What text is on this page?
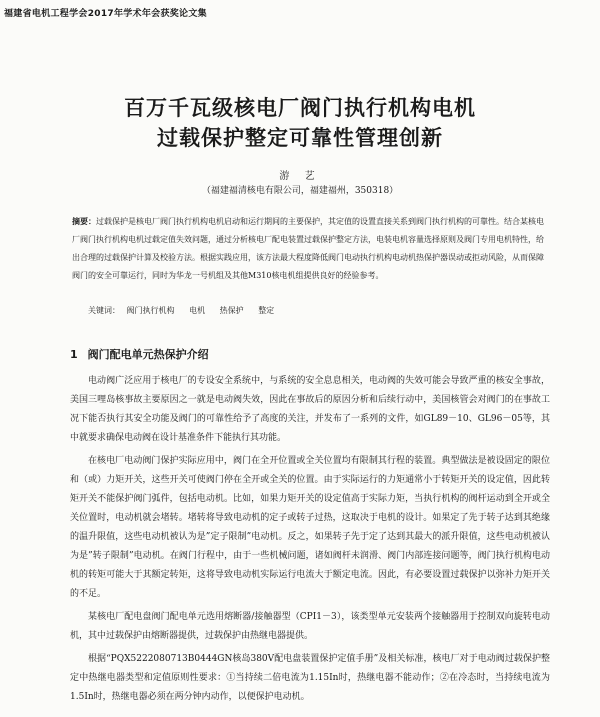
福建省电机工程学会2017年学术年会获奖论文集
百万千瓦级核电厂阀门执行机构电机
过载保护整定可靠性管理创新
游 艺
（福建福清核电有限公司，福建福州，350318）
摘要：过载保护是核电厂阀门执行机构电机启动和运行期间的主要保护，其定值的设置直接关系到阀门执行机构的可靠性。结合某核电厂阀门执行机构电机过载定值失效问题，通过分析核电厂配电装置过载保护整定方法，电装电机容量选择原则及阀门专用电机特性，给出合理的过载保护计算及校验方法。根据实践应用，该方法最大程度降低阀门电动执行机构电动机热保护器误动或拒动风险，从而保障阀门的安全可靠运行，同时为华龙一号机组及其他M310核电机组提供良好的经验参考。
关键词： 阀门执行机构 电机 热保护 整定
1 阀门配电单元热保护介绍

电动阀广泛应用于核电厂的专设安全系统中，与系统的安全息息相关，电动阀的失效可能会导致严重的核安全事故，美国三哩岛核事故主要原因之一就是电动阀失效，因此在事故后的原因分析和后续行动中，美国核管会对阀门的在事故工况下能否执行其安全功能及阀门的可靠性给予了高度的关注，并发布了一系列的文件，如GL89－10、GL96－05等，其中就要求确保电动阀在设计基准条件下能执行其功能。

在核电厂电动阀门保护实际应用中，阀门在全开位置或全关位置均有限制其行程的装置。典型做法是被设固定的限位和（或）力矩开关，这些开关可使阀门停在全开或全关的位置。由于实际运行的力矩通常小于转矩开关的设定值，因此转矩开关不能保护阀门弧件，包括电动机。比如，如果力矩开关的设定值高于实际力矩，当执行机构的阀杆运动到全开或全关位置时，电动机就会堵转。堵转将导致电动机的定子或转子过热，这取决于电机的设计。如果定了先于转子达到其绝缘的温升限值，这些电动机被认为是”定子限制”电动机。反之，如果转子先于定了达到其最大的派升限值，这些电动机被认为是”转子限制”电动机。在阀门行程中，由于一些机械问题，诸如阀杆未润滑、阀门内部连接问题等，阀门执行机构电动机的转矩可能大于其额定转矩，这将导致电动机实际运行电流大于额定电流。因此，有必要设置过载保护以弥补力矩开关的不足。

某核电厂配电盘阀门配电单元选用熔断器/接触器型（CPI1－3），该类型单元安装两个接触器用于控制双向旋转电动机，其中过载保护由熔断器提供，过载保护由热继电器提供。

根据“PQX5222080713B0444GN核岛380V配电盘装置保护定值手册”及相关标准，核电厂对于电动阀过载保护整定中热继电器类型和定值原则性要求：①当持续二倍电流为1.15In时，热继电器不能动作；②在冷态时，当持续电流为1.5In时，热继电器必须在两分钟内动作，以便保护电动机。
